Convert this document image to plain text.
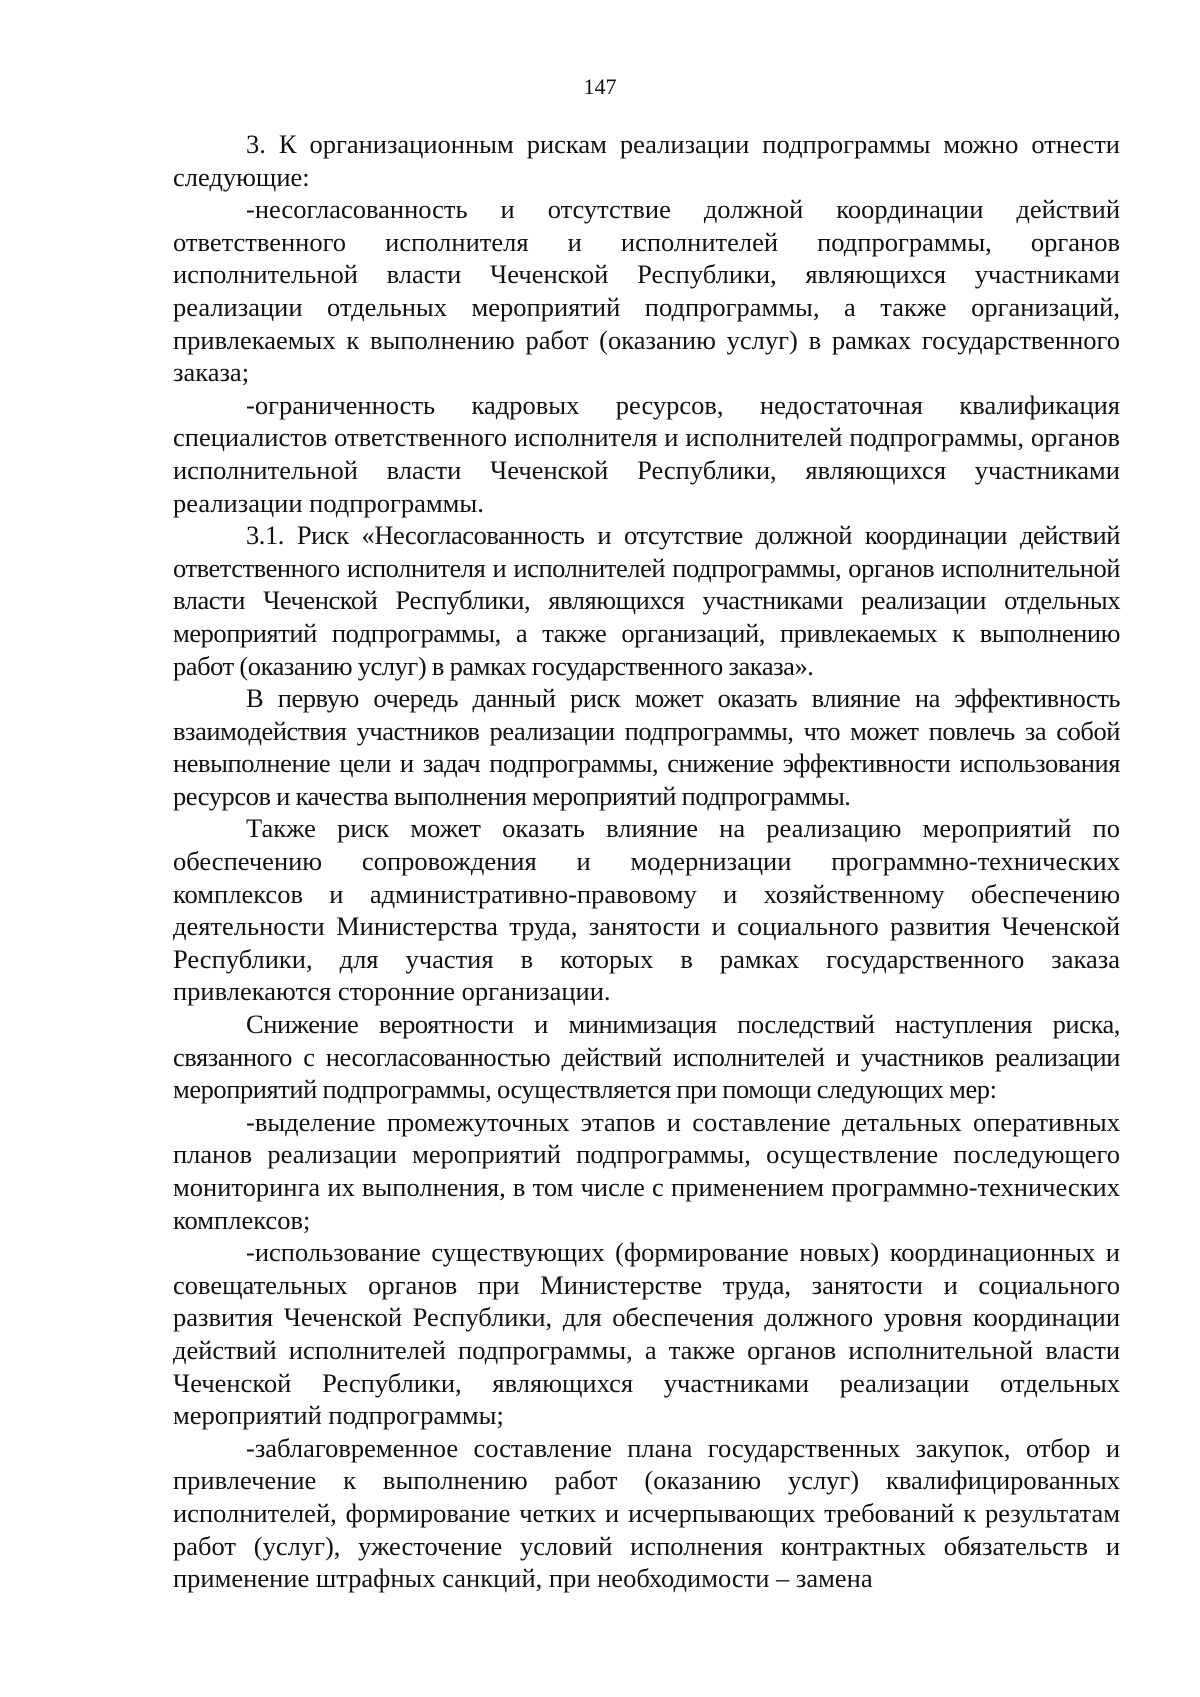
147

3. К организационным рискам реализации подпрограммы можно отнести следующие:

-несогласованность и отсутствие должной координации действий ответственного исполнителя и исполнителей подпрограммы, органов исполнительной власти Чеченской Республики, являющихся участниками реализации отдельных мероприятий подпрограммы, а также организаций, привлекаемых к выполнению работ (оказанию услуг) в рамках государственного заказа;

-ограниченность кадровых ресурсов, недостаточная квалификация специалистов ответственного исполнителя и исполнителей подпрограммы, органов исполнительной власти Чеченской Республики, являющихся участниками реализации подпрограммы.

3.1. Риск «Несогласованность и отсутствие должной координации действий ответственного исполнителя и исполнителей подпрограммы, органов исполнительной власти Чеченской Республики, являющихся участниками реализации отдельных мероприятий подпрограммы, а также организаций, привлекаемых к выполнению работ (оказанию услуг) в рамках государственного заказа».

В первую очередь данный риск может оказать влияние на эффективность взаимодействия участников реализации подпрограммы, что может повлечь за собой невыполнение цели и задач подпрограммы, снижение эффективности использования ресурсов и качества выполнения мероприятий подпрограммы.

Также риск может оказать влияние на реализацию мероприятий по обеспечению сопровождения и модернизации программно-технических комплексов и административно-правовому и хозяйственному обеспечению деятельности Министерства труда, занятости и социального развития Чеченской Республики, для участия в которых в рамках государственного заказа привлекаются сторонние организации.

Снижение вероятности и минимизация последствий наступления риска, связанного с несогласованностью действий исполнителей и участников реализации мероприятий подпрограммы, осуществляется при помощи следующих мер:

-выделение промежуточных этапов и составление детальных оперативных планов реализации мероприятий подпрограммы, осуществление последующего мониторинга их выполнения, в том числе с применением программно-технических комплексов;

-использование существующих (формирование новых) координационных и совещательных органов при Министерстве труда, занятости и социального развития Чеченской Республики, для обеспечения должного уровня координации действий исполнителей подпрограммы, а также органов исполнительной власти Чеченской Республики, являющихся участниками реализации отдельных мероприятий подпрограммы;

-заблаговременное составление плана государственных закупок, отбор и привлечение к выполнению работ (оказанию услуг) квалифицированных исполнителей, формирование четких и исчерпывающих требований к результатам работ (услуг), ужесточение условий исполнения контрактных обязательств и применение штрафных санкций, при необходимости – замена
